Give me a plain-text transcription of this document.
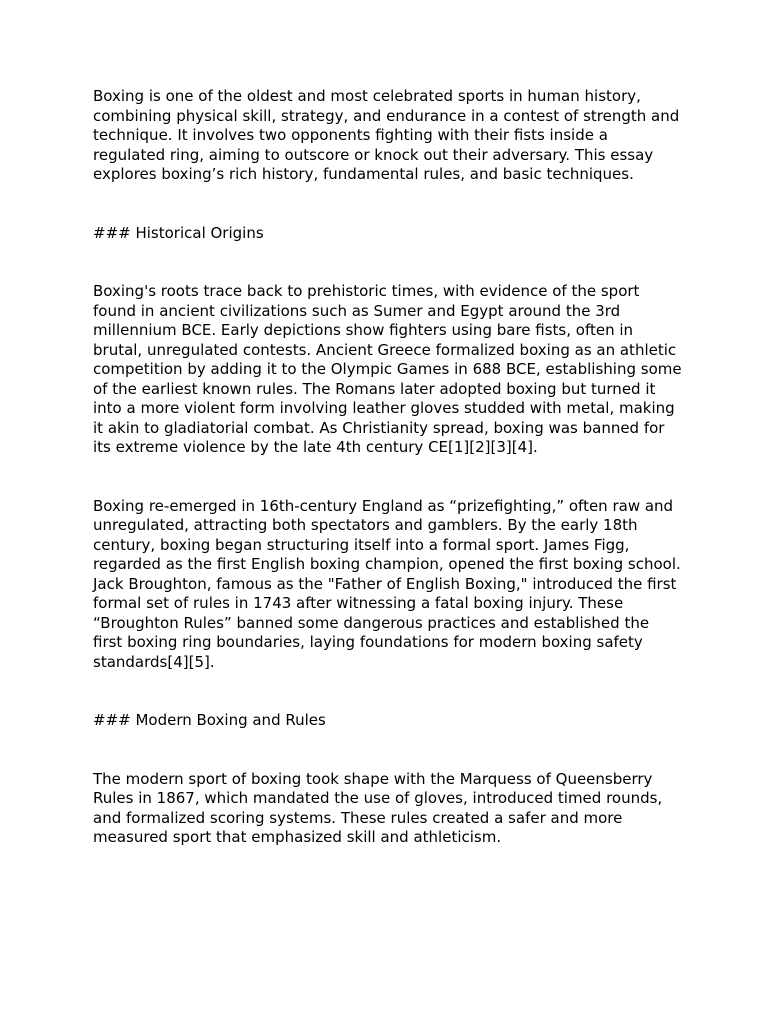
Boxing is one of the oldest and most celebrated sports in human history, combining physical skill, strategy, and endurance in a contest of strength and technique. It involves two opponents fighting with their fists inside a regulated ring, aiming to outscore or knock out their adversary. This essay explores boxing’s rich history, fundamental rules, and basic techniques.

### Historical Origins

Boxing's roots trace back to prehistoric times, with evidence of the sport found in ancient civilizations such as Sumer and Egypt around the 3rd millennium BCE. Early depictions show fighters using bare fists, often in brutal, unregulated contests. Ancient Greece formalized boxing as an athletic competition by adding it to the Olympic Games in 688 BCE, establishing some of the earliest known rules. The Romans later adopted boxing but turned it into a more violent form involving leather gloves studded with metal, making it akin to gladiatorial combat. As Christianity spread, boxing was banned for its extreme violence by the late 4th century CE[1][2][3][4].

Boxing re-emerged in 16th-century England as “prizefighting,” often raw and unregulated, attracting both spectators and gamblers. By the early 18th century, boxing began structuring itself into a formal sport. James Figg, regarded as the first English boxing champion, opened the first boxing school. Jack Broughton, famous as the "Father of English Boxing," introduced the first formal set of rules in 1743 after witnessing a fatal boxing injury. These “Broughton Rules” banned some dangerous practices and established the first boxing ring boundaries, laying foundations for modern boxing safety standards[4][5].

### Modern Boxing and Rules

The modern sport of boxing took shape with the Marquess of Queensberry Rules in 1867, which mandated the use of gloves, introduced timed rounds, and formalized scoring systems. These rules created a safer and more measured sport that emphasized skill and athleticism.
